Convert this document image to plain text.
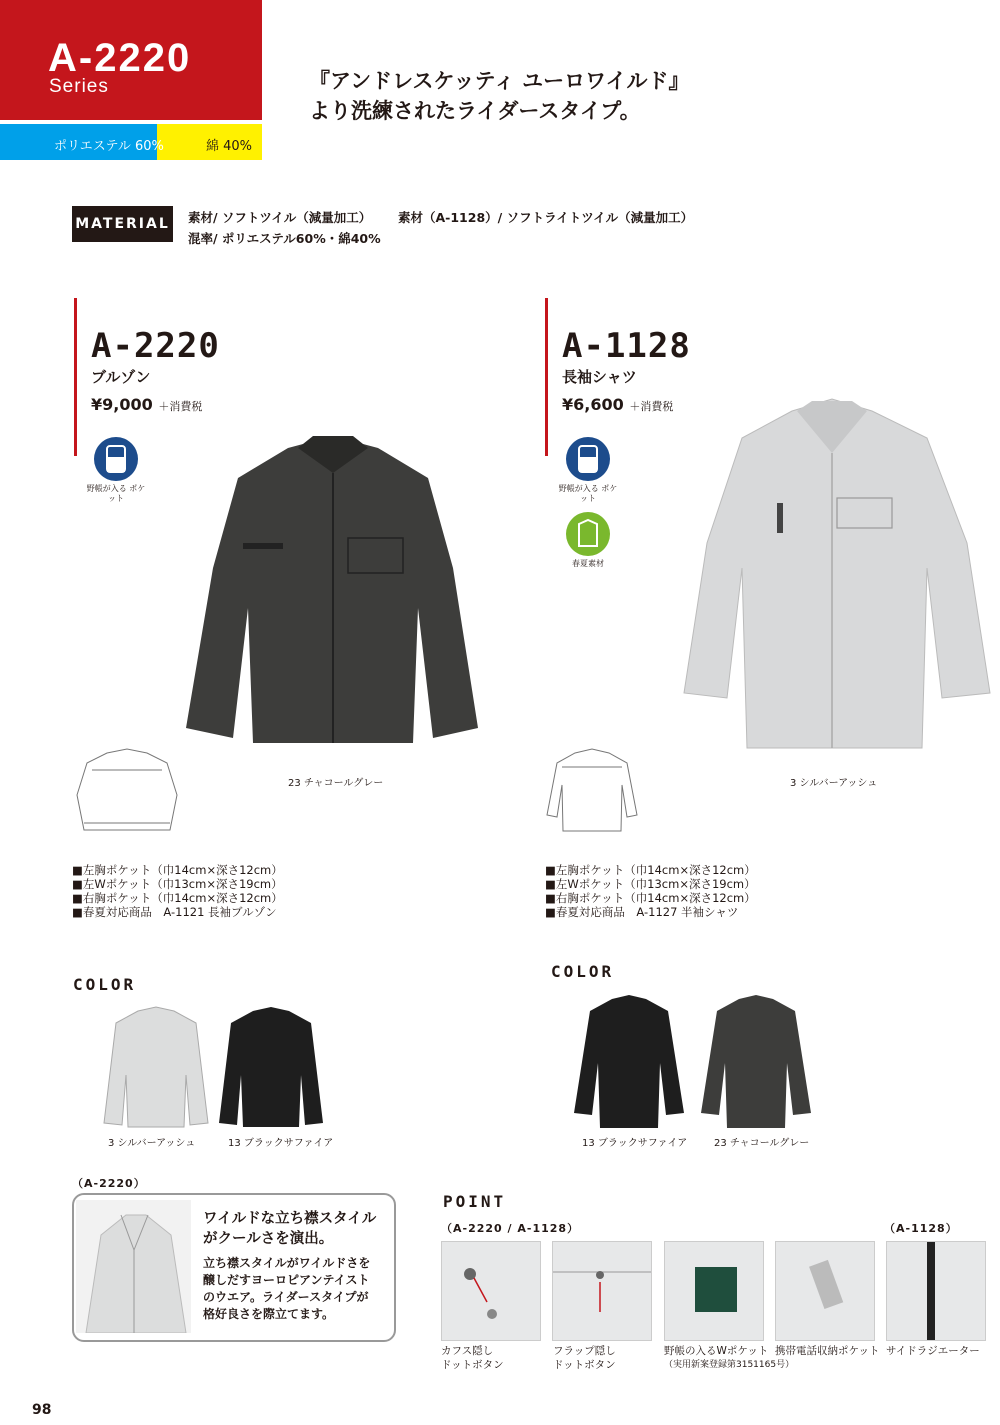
A-2220
Series
ポリエステル 60%	綿 40%
『アンドレスケッティ ユーロワイルド』
より洗練されたライダースタイプ。
MATERIAL 素材/ ソフトツイル（減量加工） 素材（A-1128）/ ソフトライトツイル（減量加工）
混率/ ポリエステル60%・綿40%
A-2220
ブルゾン
¥9,000 ＋消費税
野帳が入る ポケット
23 チャコールグレー
■左胸ポケット（巾14cm×深さ12cm）
■左Wポケット（巾13cm×深さ19cm）
■右胸ポケット（巾14cm×深さ12cm）
■春夏対応商品　A-1121 長袖ブルゾン
COLOR
3 シルバーアッシュ	13 ブラックサファイア
A-1128
長袖シャツ
¥6,600 ＋消費税
野帳が入る ポケット
春夏素材
3 シルバーアッシュ
■左胸ポケット（巾14cm×深さ12cm）
■左Wポケット（巾13cm×深さ19cm）
■右胸ポケット（巾14cm×深さ12cm）
■春夏対応商品　A-1127 半袖シャツ
COLOR
13 ブラックサファイア	23 チャコールグレー
（A-2220）
ワイルドな立ち襟スタイル
がクールさを演出。
立ち襟スタイルがワイルドさを
醸しだすヨーロピアンテイスト
のウエア。ライダースタイプが
格好良さを際立てます。
POINT
（A-2220 / A-1128）	（A-1128）
カフス隠し
ドットボタン
フラップ隠し
ドットボタン
野帳の入るWポケット
（実用新案登録第3151165号）
携帯電話収納ポケット サイドラジエーター
98
